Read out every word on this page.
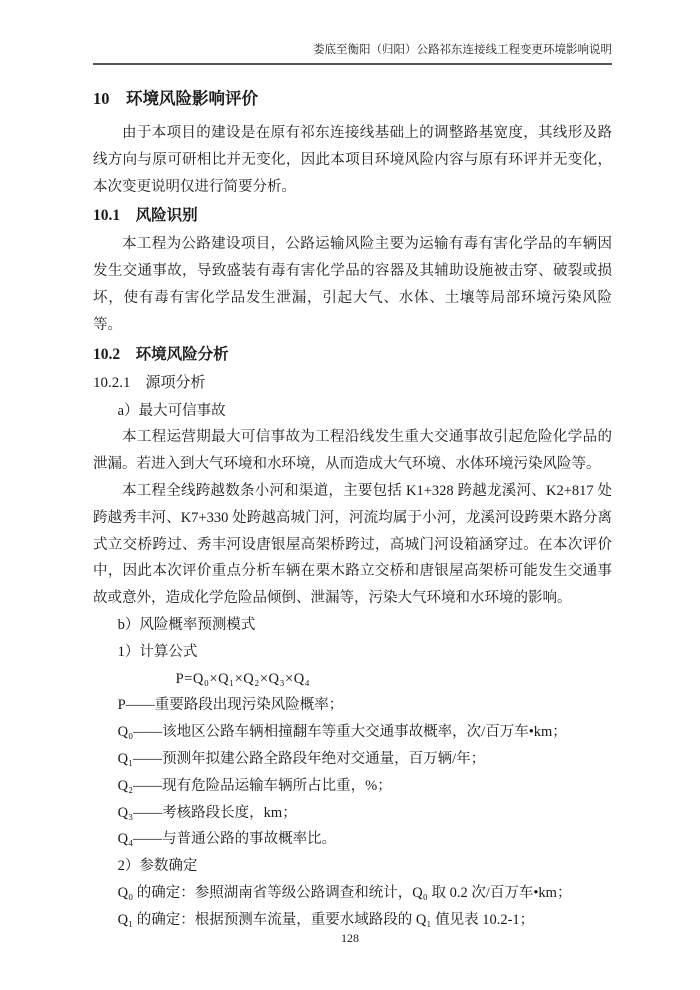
娄底至衡阳（归阳）公路祁东连接线工程变更环境影响说明
10　环境风险影响评价
由于本项目的建设是在原有祁东连接线基础上的调整路基宽度，其线形及路线方向与原可研相比并无变化，因此本项目环境风险内容与原有环评并无变化，本次变更说明仅进行简要分析。
10.1　风险识别
本工程为公路建设项目，公路运输风险主要为运输有毒有害化学品的车辆因发生交通事故，导致盛装有毒有害化学品的容器及其辅助设施被击穿、破裂或损坏，使有毒有害化学品发生泄漏，引起大气、水体、土壤等局部环境污染风险等。
10.2　环境风险分析
10.2.1　源项分析
a）最大可信事故
本工程运营期最大可信事故为工程沿线发生重大交通事故引起危险化学品的泄漏。若进入到大气环境和水环境，从而造成大气环境、水体环境污染风险等。
本工程全线跨越数条小河和渠道，主要包括 K1+328 跨越龙溪河、K2+817 处跨越秀丰河、K7+330 处跨越高城门河，河流均属于小河，龙溪河设跨栗木路分离式立交桥跨过、秀丰河设唐银屋高架桥跨过，高城门河设箱涵穿过。在本次评价中，因此本次评价重点分析车辆在栗木路立交桥和唐银屋高架桥可能发生交通事故或意外，造成化学危险品倾倒、泄漏等，污染大气环境和水环境的影响。
b）风险概率预测模式
1）计算公式
P=Q₀×Q₁×Q₂×Q₃×Q₄
P——重要路段出现污染风险概率；
Q₀——该地区公路车辆相撞翻车等重大交通事故概率，次/百万车•km；
Q₁——预测年拟建公路全路段年绝对交通量，百万辆/年；
Q₂——现有危险品运输车辆所占比重，%；
Q₃——考核路段长度，km；
Q₄——与普通公路的事故概率比。
2）参数确定
Q₀ 的确定：参照湖南省等级公路调查和统计，Q₀ 取 0.2 次/百万车•km；
Q₁ 的确定：根据预测车流量，重要水域路段的 Q₁ 值见表 10.2-1；
128
